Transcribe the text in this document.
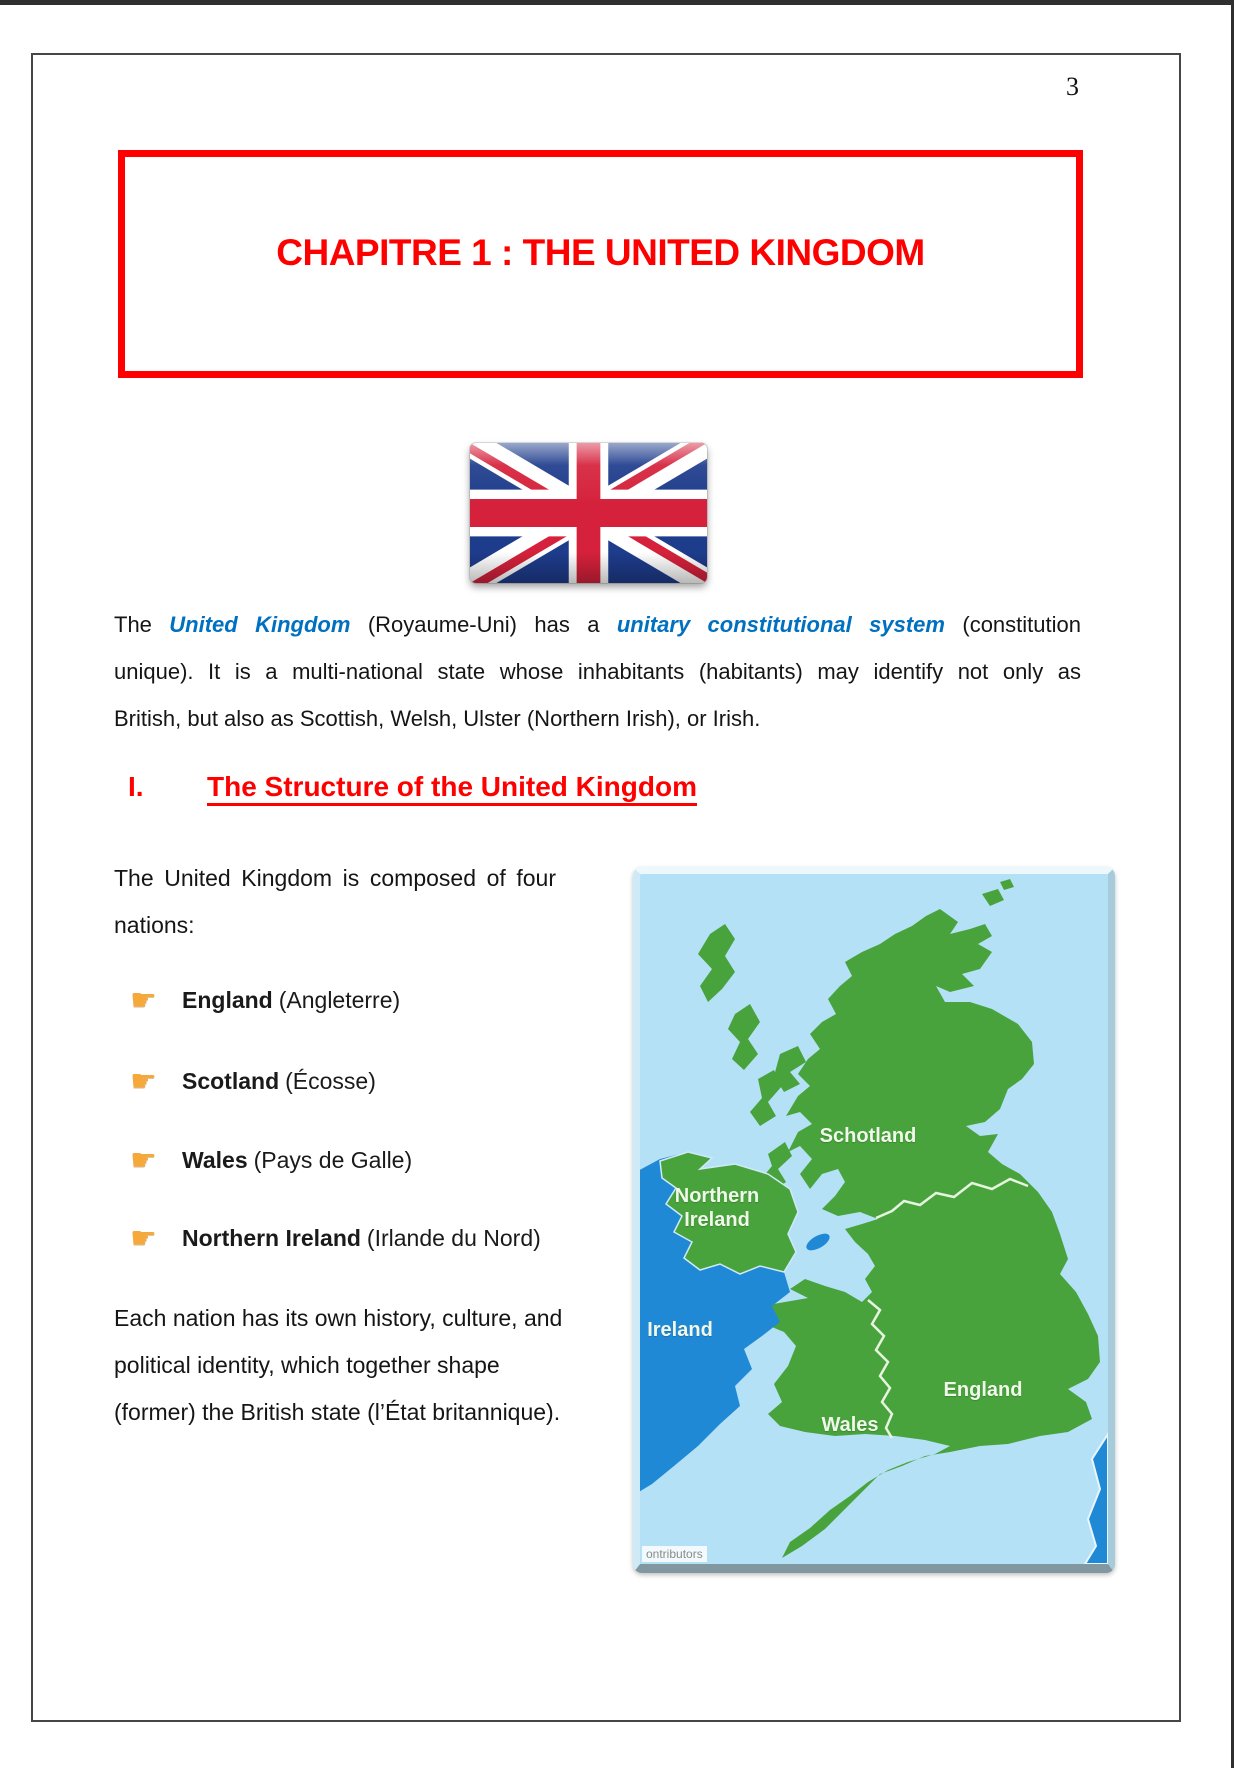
3
CHAPITRE 1 : THE UNITED KINGDOM
The United Kingdom (Royaume-Uni) has a unitary constitutional system (constitution
unique). It is a multi-national state whose inhabitants (habitants) may identify not only as
British, but also as Scottish, Welsh, Ulster (Northern Irish), or Irish.
I. The Structure of the United Kingdom
The United Kingdom is composed of four
nations:
☛ England (Angleterre)
☛ Scotland (Écosse)
☛ Wales (Pays de Galle)
☛ Northern Ireland (Irlande du Nord)
Each nation has its own history, culture, and
political identity, which together shape
(former) the British state (l’État britannique).
Schotland
Northern
Ireland
Ireland
Wales
England
ontributors
